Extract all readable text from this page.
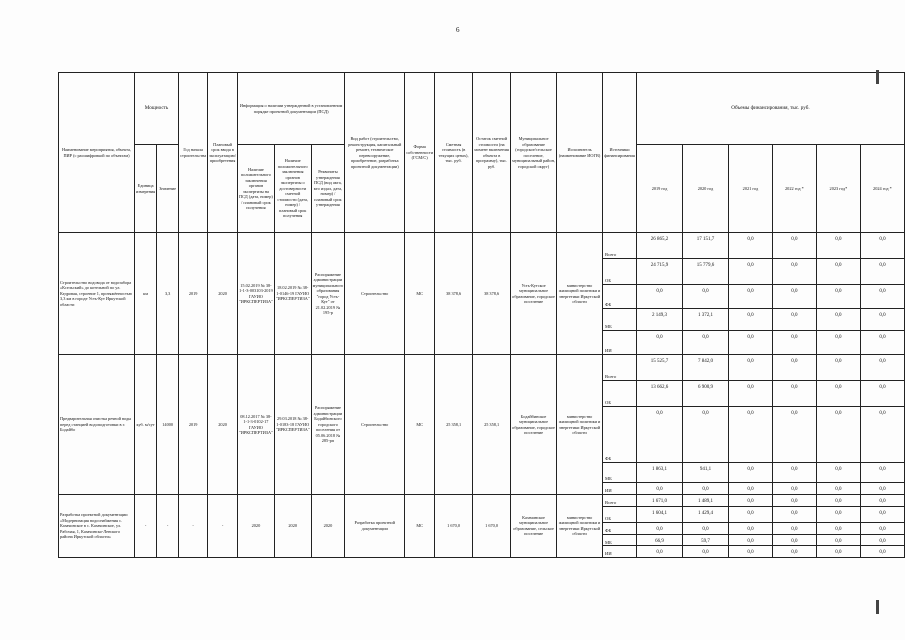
6
Наименование мероприятия, объекта, ПИР (с расшифровкой по объектам)	Мощность		Год начала строительства	Плановый срок ввода в эксплуатацию/ приобретения	Информация о наличии утвержденной в установленном порядке проектной документации (ПСД)			Вид работ (строительство, реконструкция, капитальный ремонт, техническое перевооружение, приобретение, разработка проектной документации)	Форма собственности (ГСМ/С)	Сметная стоимость (в текущих ценах), тыс. руб.	Остаток сметной стоимости (на момент включения объекта в программу), тыс. руб.	Муниципальное образование (городское/сельское поселение, муниципальный район, городской округ)	Исполнитель (наименование ИОГВ)	Источники финансирования	Объемы финансирования, тыс. руб.					
	Единица измерения	Значение			Наличие положительного заключения органов экспертизы на ПСД (дата, номер) / плановый срок получения	Наличие положительного заключения органов экспертизы о достоверности сметной стоимости (дата, номер) / плановый срок получения	Реквизиты утверждения ПСД (вид акта, кто издал, дата, номер) / плановый срок утверждения								2019 год	2020 год	2021 год	2022 год *	2023 год*	2024 год *
Строительство водовода от водозабора «Ксельский» до котельной по ул. Кедровая, строение 1, протяжённостью 3,3 км в городе Усть-Кут Иркутской области	км	3,3	2019	2020	15.02.2019 № 38-1-1-3-003103-2019 ГАУИО "ИРКСПЕРТИЗА"	18.02.2019 № 38-1-0146-19 ГАУИО "ИРКСПЕРТИЗА"	Распоряжение администрации муниципального образования "город Усть-Кут" от 21.02.2019 № 195-р	Строительство	МС	38 378,6	38 378,6	Усть-Кутское муниципальное образование, городское поселение	министерство жилищной политики и энергетики Иркутской области	Всего	26 865,2	17 151,7	0,0	0,0	0,0	0,0
														ОБ	24 715,9	15 779,6	0,0	0,0	0,0	0,0
														ФБ	0,0	0,0	0,0	0,0	0,0	0,0
														МБ	2 149,3	1 372,1	0,0	0,0	0,0	0,0
														ИИ	0,0	0,0	0,0	0,0	0,0	0,0
Предварительная очистка речной воды перед станцией водоподготовки в г. Бодайбо	куб. м/сут	14000	2019	2020	08.12.2017 № 38-1-1-3-0102-17 ГАУИО "ИРКСПЕРТИЗА"	29.03.2018 № 38-1-0183-18 ГАУИО "ИРКСПЕРТИЗА"	Распоряжение администрации Бодайбинского городского поселения от 05.06.2018 № 285-рп	Строительство	МС	25 358,1	25 358,1	Бодайбинское муниципальное образование, городское поселение	министерство жилищной политики и энергетики Иркутской области	Всего	15 525,7	7 842,0	0,0	0,0	0,0	0,0
														ОБ	13 662,6	6 900,9	0,0	0,0	0,0	0,0
														ФБ	0,0	0,0	0,0	0,0	0,0	0,0
														МБ	1 863,1	941,1	0,0	0,0	0,0	0,0
														ИИ	0,0	0,0	0,0	0,0	0,0	0,0
Разработка проектной документации «Модернизация водоснабжения с. Казачинское в с. Казачинское, ул. Рабочая, 1, Казачинско-Ленского района Иркутской области»	-	-	-	-	2020	2020	2020	Разработка проектной документации	МС	1 670,0	1 670,0	Казачинское муниципальное образование, сельское поселение	министерство жилищной политики и энергетики Иркутской области	Всего	1 671,0	1 489,1	0,0	0,0	0,0	0,0
														ОБ	1 604,1	1 429,4	0,0	0,0	0,0	0,0
														ФБ	0,0	0,0	0,0	0,0	0,0	0,0
														МБ	66,9	59,7	0,0	0,0	0,0	0,0
														ИИ	0,0	0,0	0,0	0,0	0,0	0,0
